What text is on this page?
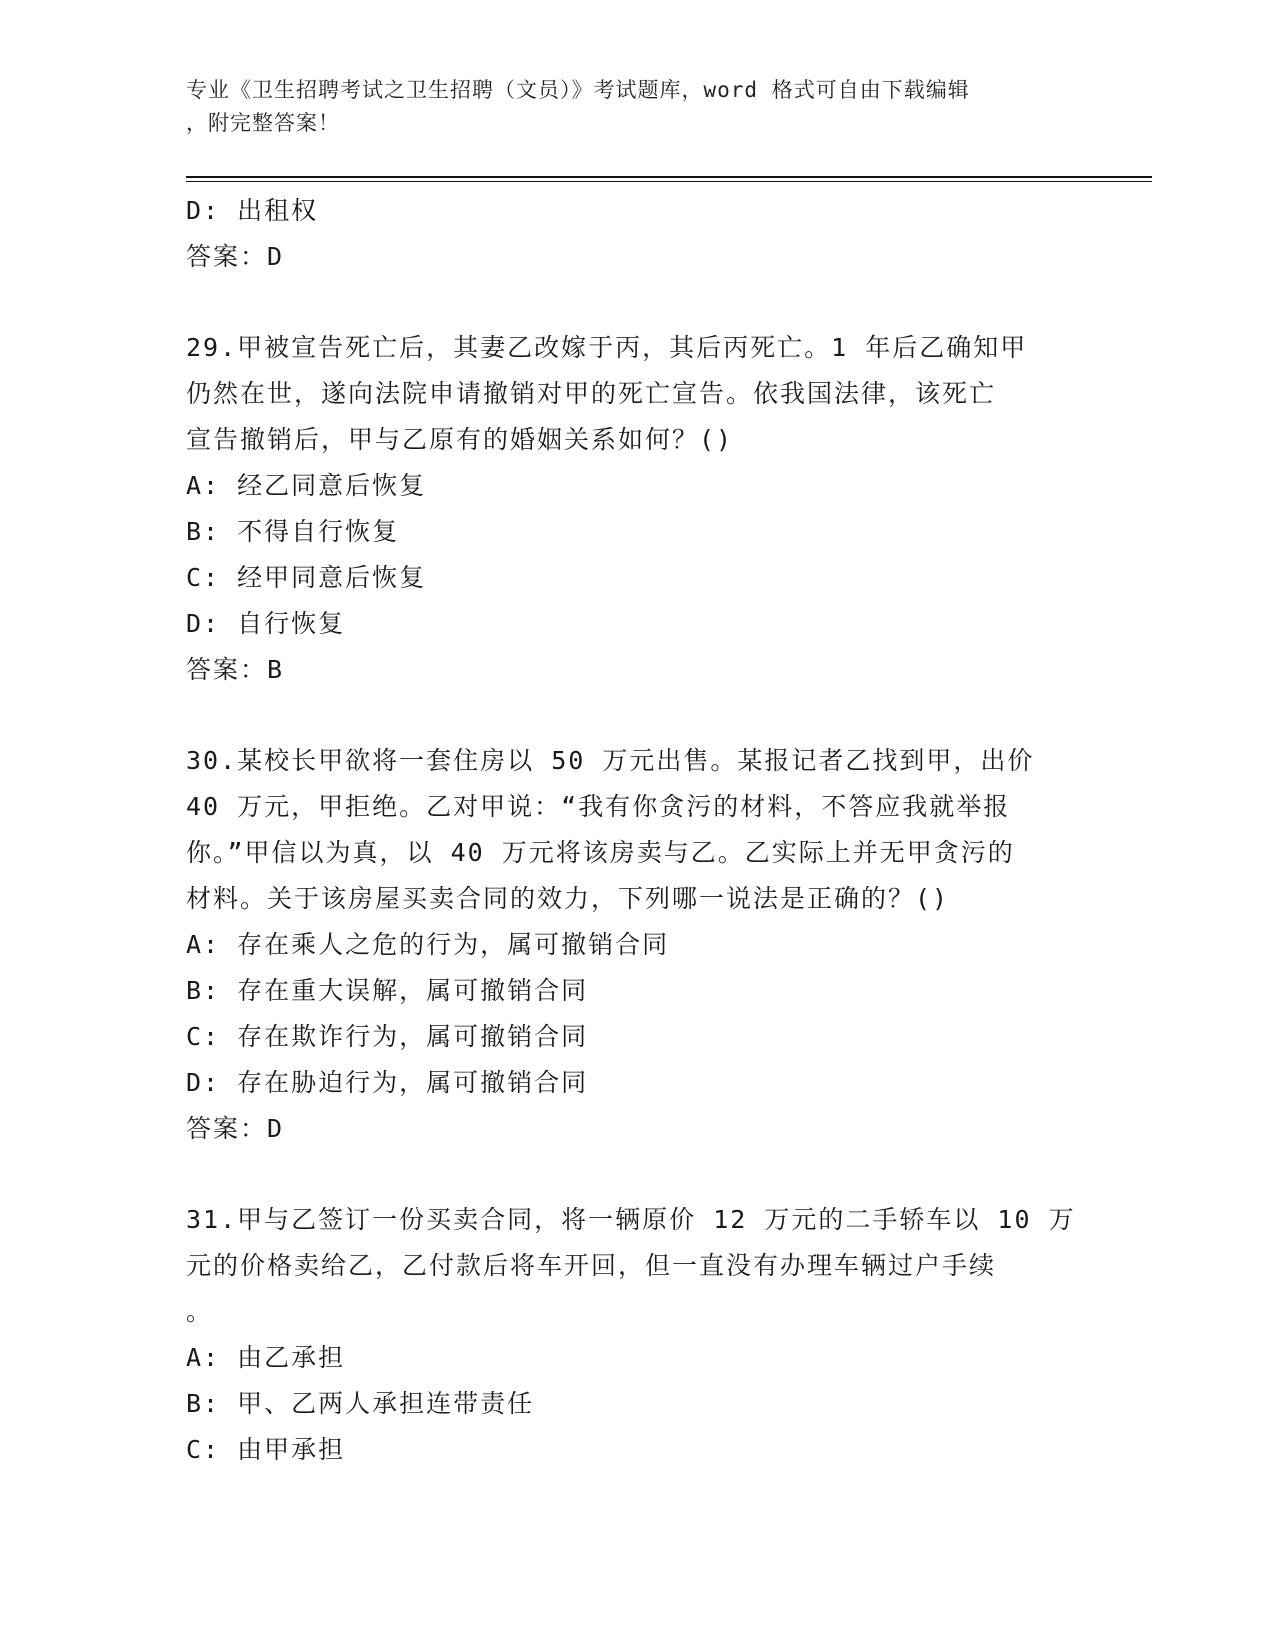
专业《卫生招聘考试之卫生招聘（文员）》考试题库，word 格式可自由下载编辑
，附完整答案！
D: 出租权
答案：D
29.甲被宣告死亡后，其妻乙改嫁于丙，其后丙死亡。1 年后乙确知甲
仍然在世，遂向法院申请撤销对甲的死亡宣告。依我国法律，该死亡
宣告撤销后，甲与乙原有的婚姻关系如何？()
A: 经乙同意后恢复
B: 不得自行恢复
C: 经甲同意后恢复
D: 自行恢复
答案：B
30.某校长甲欲将一套住房以 50 万元出售。某报记者乙找到甲，出价
40 万元，甲拒绝。乙对甲说：“我有你贪污的材料，不答应我就举报
你。”甲信以为真，以 40 万元将该房卖与乙。乙实际上并无甲贪污的
材料。关于该房屋买卖合同的效力，下列哪一说法是正确的？()
A: 存在乘人之危的行为，属可撤销合同
B: 存在重大误解，属可撤销合同
C: 存在欺诈行为，属可撤销合同
D: 存在胁迫行为，属可撤销合同
答案：D
31.甲与乙签订一份买卖合同，将一辆原价 12 万元的二手轿车以 10 万
元的价格卖给乙，乙付款后将车开回，但一直没有办理车辆过户手续
。
A: 由乙承担
B: 甲、乙两人承担连带责任
C: 由甲承担
